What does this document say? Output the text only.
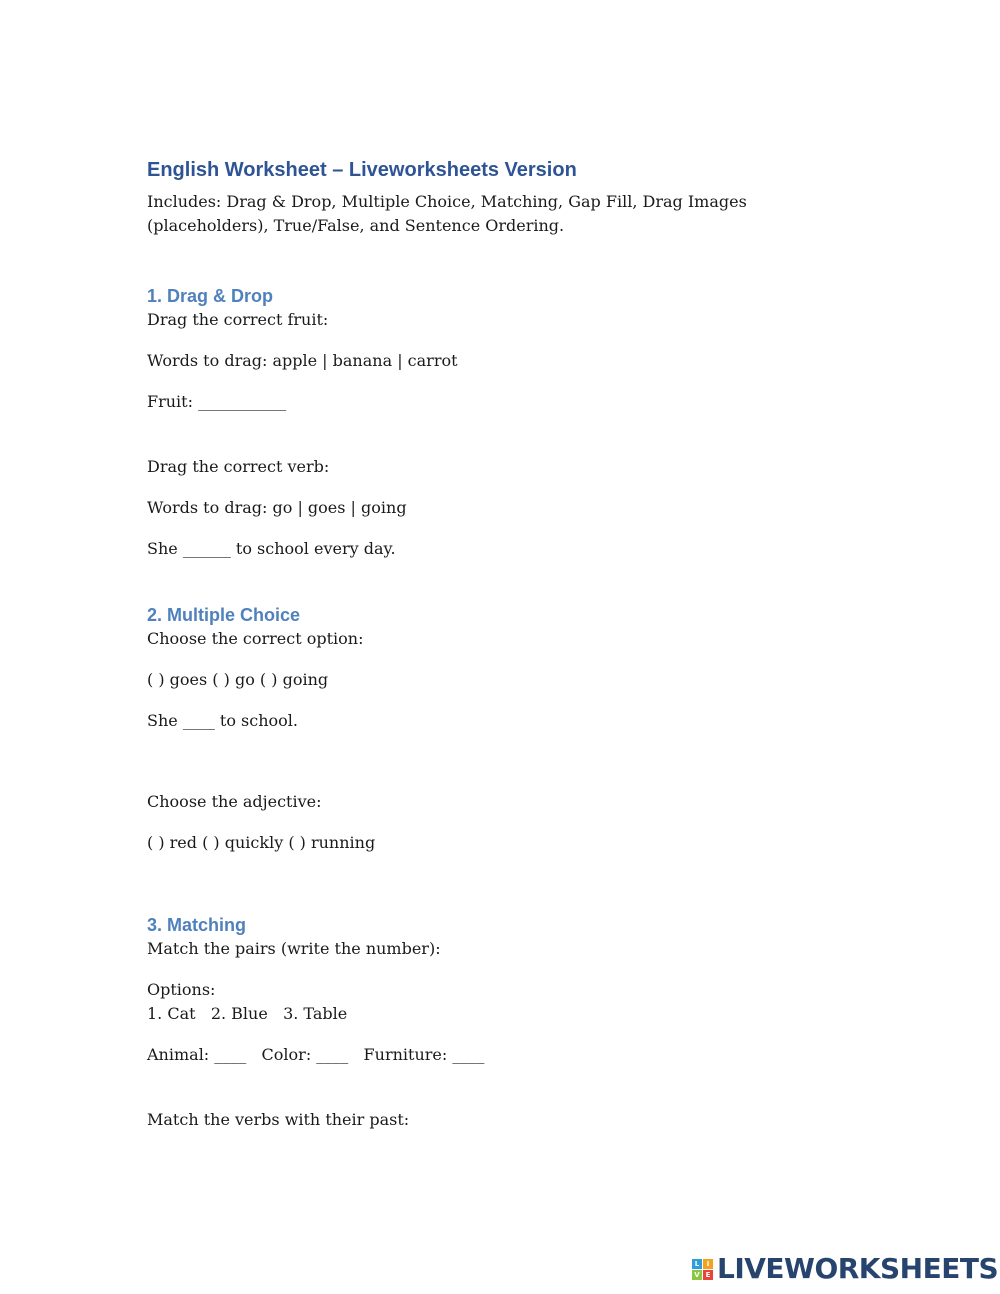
English Worksheet – Liveworksheets Version

Includes: Drag & Drop, Multiple Choice, Matching, Gap Fill, Drag Images (placeholders), True/False, and Sentence Ordering.

1. Drag & Drop

Drag the correct fruit:

Words to drag: apple | banana | carrot

Fruit: ___________

Drag the correct verb:

Words to drag: go | goes | going

She ______ to school every day.

2. Multiple Choice

Choose the correct option:

( ) goes ( ) go ( ) going

She ____ to school.

Choose the adjective:

( ) red ( ) quickly ( ) running

3. Matching

Match the pairs (write the number):

Options:
1. Cat   2. Blue   3. Table

Animal: ____   Color: ____   Furniture: ____

Match the verbs with their past:

L	I
V E LIVEWORKSHEETS
